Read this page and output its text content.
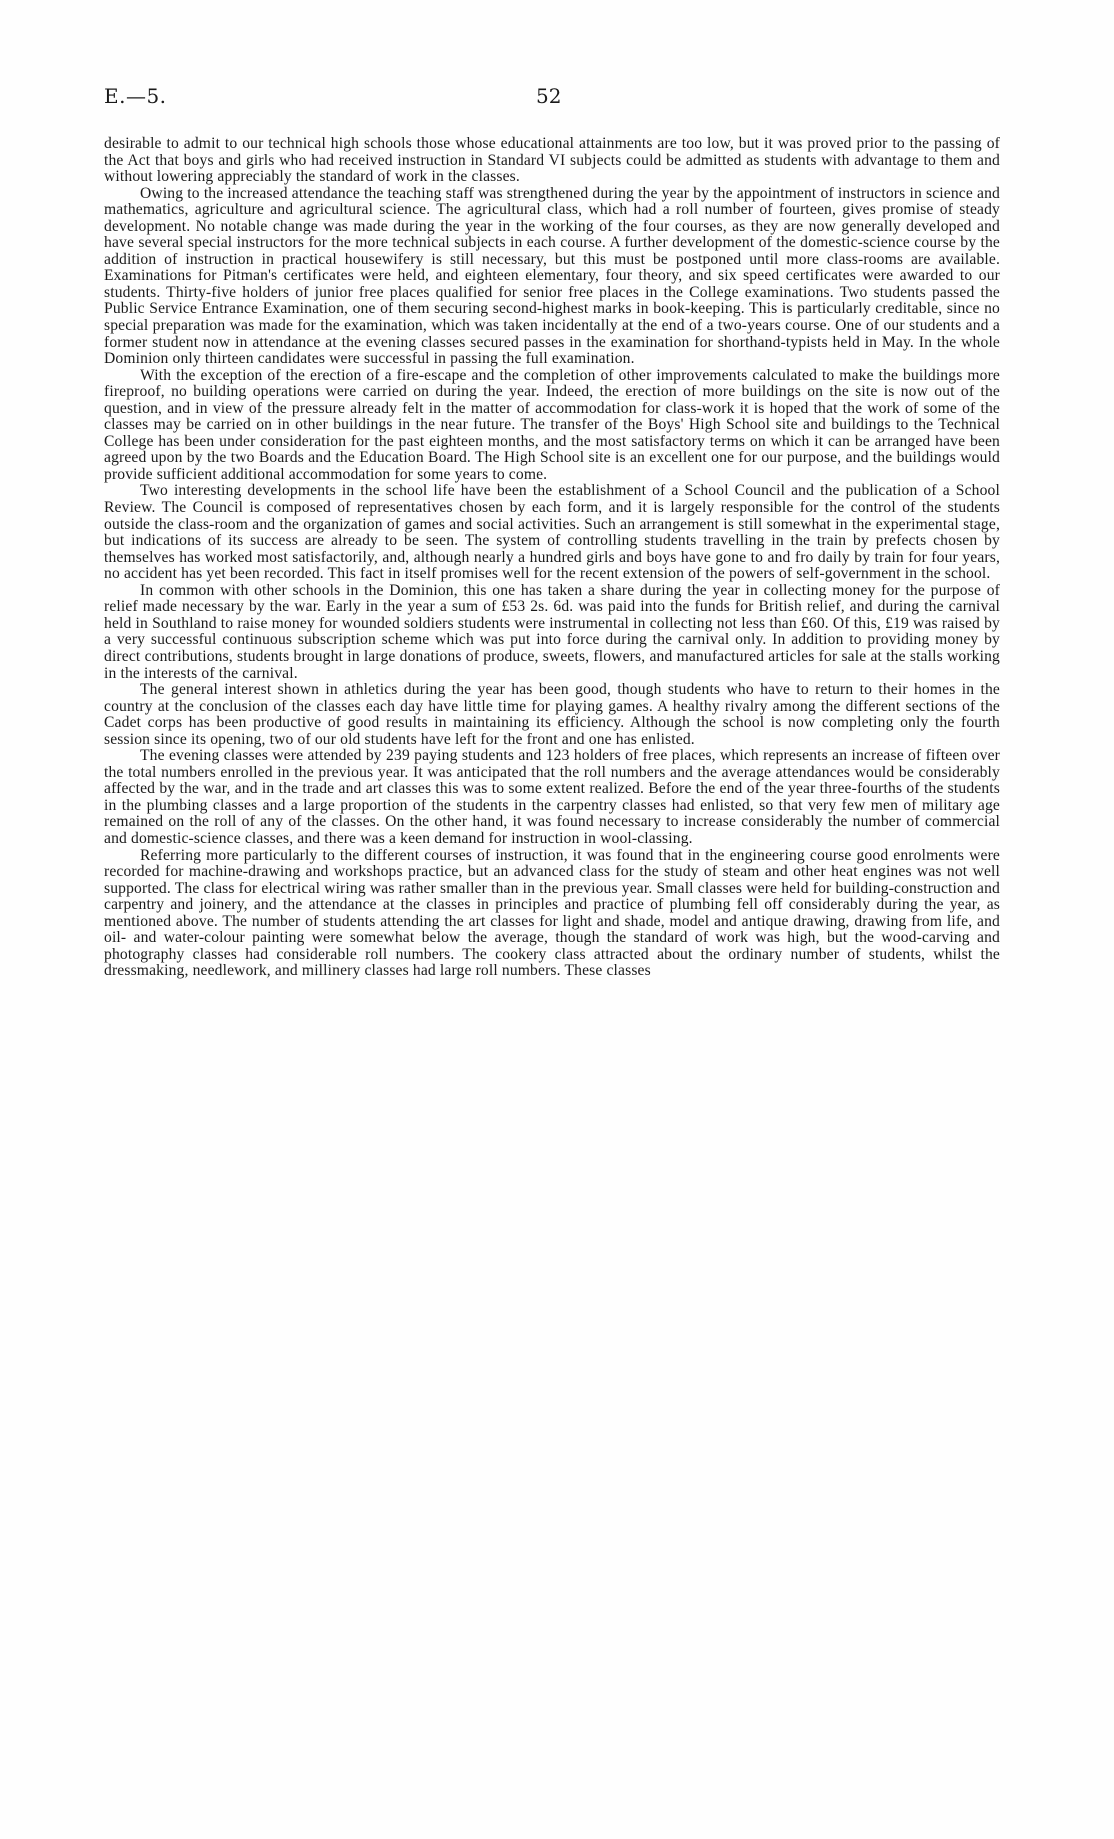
E.—5.	52

desirable to admit to our technical high schools those whose educational attainments are too low, but it was proved prior to the passing of the Act that boys and girls who had received instruction in Standard VI subjects could be admitted as students with advantage to them and without lowering appreciably the standard of work in the classes.

Owing to the increased attendance the teaching staff was strengthened during the year by the appointment of instructors in science and mathematics, agriculture and agricultural science. The agricultural class, which had a roll number of fourteen, gives promise of steady development. No notable change was made during the year in the working of the four courses, as they are now generally developed and have several special instructors for the more technical subjects in each course. A further development of the domestic-science course by the addition of instruction in practical housewifery is still necessary, but this must be postponed until more class-rooms are available. Examinations for Pitman's certificates were held, and eighteen elementary, four theory, and six speed certificates were awarded to our students. Thirty-five holders of junior free places qualified for senior free places in the College examinations. Two students passed the Public Service Entrance Examination, one of them securing second-highest marks in book-keeping. This is particularly creditable, since no special preparation was made for the examination, which was taken incidentally at the end of a two-years course. One of our students and a former student now in attendance at the evening classes secured passes in the examination for shorthand-typists held in May. In the whole Dominion only thirteen candidates were successful in passing the full examination.

With the exception of the erection of a fire-escape and the completion of other improvements calculated to make the buildings more fireproof, no building operations were carried on during the year. Indeed, the erection of more buildings on the site is now out of the question, and in view of the pressure already felt in the matter of accommodation for class-work it is hoped that the work of some of the classes may be carried on in other buildings in the near future. The transfer of the Boys' High School site and buildings to the Technical College has been under consideration for the past eighteen months, and the most satisfactory terms on which it can be arranged have been agreed upon by the two Boards and the Education Board. The High School site is an excellent one for our purpose, and the buildings would provide sufficient additional accommodation for some years to come.

Two interesting developments in the school life have been the establishment of a School Council and the publication of a School Review. The Council is composed of representatives chosen by each form, and it is largely responsible for the control of the students outside the class-room and the organization of games and social activities. Such an arrangement is still somewhat in the experimental stage, but indications of its success are already to be seen. The system of controlling students travelling in the train by prefects chosen by themselves has worked most satisfactorily, and, although nearly a hundred girls and boys have gone to and fro daily by train for four years, no accident has yet been recorded. This fact in itself promises well for the recent extension of the powers of self-government in the school.

In common with other schools in the Dominion, this one has taken a share during the year in collecting money for the purpose of relief made necessary by the war. Early in the year a sum of £53 2s. 6d. was paid into the funds for British relief, and during the carnival held in Southland to raise money for wounded soldiers students were instrumental in collecting not less than £60. Of this, £19 was raised by a very successful continuous subscription scheme which was put into force during the carnival only. In addition to providing money by direct contributions, students brought in large donations of produce, sweets, flowers, and manufactured articles for sale at the stalls working in the interests of the carnival.

The general interest shown in athletics during the year has been good, though students who have to return to their homes in the country at the conclusion of the classes each day have little time for playing games. A healthy rivalry among the different sections of the Cadet corps has been productive of good results in maintaining its efficiency. Although the school is now completing only the fourth session since its opening, two of our old students have left for the front and one has enlisted.

The evening classes were attended by 239 paying students and 123 holders of free places, which represents an increase of fifteen over the total numbers enrolled in the previous year. It was anticipated that the roll numbers and the average attendances would be considerably affected by the war, and in the trade and art classes this was to some extent realized. Before the end of the year three-fourths of the students in the plumbing classes and a large proportion of the students in the carpentry classes had enlisted, so that very few men of military age remained on the roll of any of the classes. On the other hand, it was found necessary to increase considerably the number of commercial and domestic-science classes, and there was a keen demand for instruction in wool-classing.

Referring more particularly to the different courses of instruction, it was found that in the engineering course good enrolments were recorded for machine-drawing and workshops practice, but an advanced class for the study of steam and other heat engines was not well supported. The class for electrical wiring was rather smaller than in the previous year. Small classes were held for building-construction and carpentry and joinery, and the attendance at the classes in principles and practice of plumbing fell off considerably during the year, as mentioned above. The number of students attending the art classes for light and shade, model and antique drawing, drawing from life, and oil- and water-colour painting were somewhat below the average, though the standard of work was high, but the wood-carving and photography classes had considerable roll numbers. The cookery class attracted about the ordinary number of students, whilst the dressmaking, needlework, and millinery classes had large roll numbers. These classes
